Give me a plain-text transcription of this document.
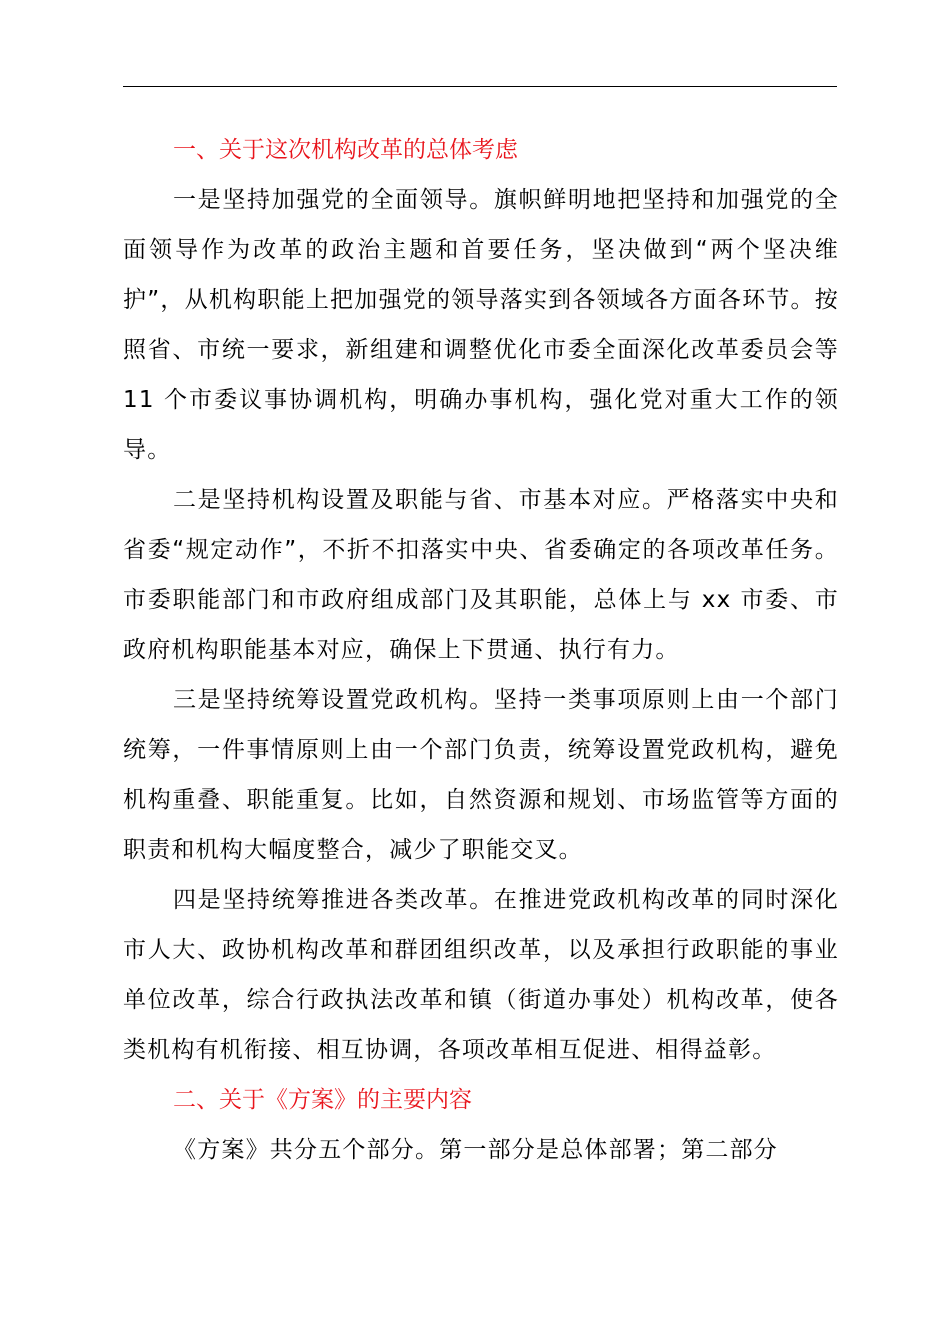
一、关于这次机构改革的总体考虑

一是坚持加强党的全面领导。旗帜鲜明地把坚持和加强党的全面领导作为改革的政治主题和首要任务，坚决做到“两个坚决维护”，从机构职能上把加强党的领导落实到各领域各方面各环节。按照省、市统一要求，新组建和调整优化市委全面深化改革委员会等 11 个市委议事协调机构，明确办事机构，强化党对重大工作的领导。

二是坚持机构设置及职能与省、市基本对应。严格落实中央和省委“规定动作”，不折不扣落实中央、省委确定的各项改革任务。市委职能部门和市政府组成部门及其职能，总体上与 xx 市委、市政府机构职能基本对应，确保上下贯通、执行有力。

三是坚持统筹设置党政机构。坚持一类事项原则上由一个部门统筹，一件事情原则上由一个部门负责，统筹设置党政机构，避免机构重叠、职能重复。比如，自然资源和规划、市场监管等方面的职责和机构大幅度整合，减少了职能交叉。

四是坚持统筹推进各类改革。在推进党政机构改革的同时深化市人大、政协机构改革和群团组织改革，以及承担行政职能的事业单位改革，综合行政执法改革和镇（街道办事处）机构改革，使各类机构有机衔接、相互协调，各项改革相互促进、相得益彰。

二、关于《方案》的主要内容

《方案》共分五个部分。第一部分是总体部署；第二部分
